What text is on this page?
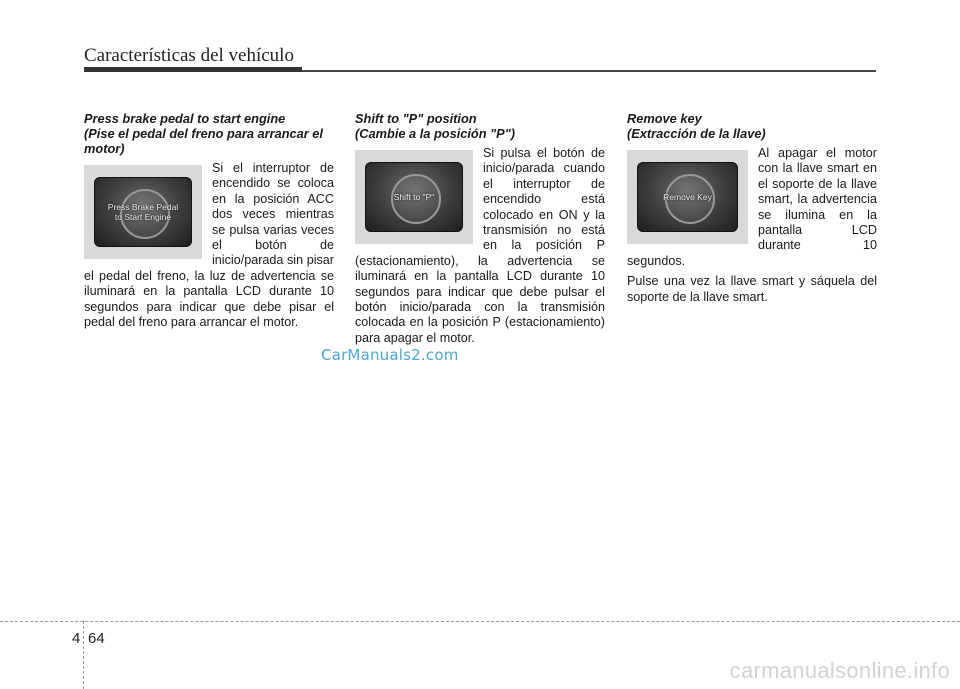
Características del vehículo
Press brake pedal to start engine
(Pise el pedal del freno para arrancar el motor)
Press Brake Pedal
to Start Engine

Si el interruptor de encendido se coloca en la posición ACC dos veces mientras se pulsa varias veces el botón de inicio/parada sin pisar el pedal del freno, la luz de advertencia se iluminará en la pantalla LCD durante 10 segundos para indicar que debe pisar el pedal del freno para arrancar el motor.

Shift to "P" position
(Cambie a la posición "P")
Shift to "P"

Si pulsa el botón de inicio/parada cuando el interruptor de encendido está colocado en ON y la transmisión no está en la posición P (estacionamiento), la advertencia se iluminará en la pantalla LCD durante 10 segundos para indicar que debe pulsar el botón inicio/parada con la transmisión colocada en la posición P (estacionamiento) para apagar el motor.

Remove key
(Extracción de la llave)
Remove Key

Al apagar el motor con la llave smart en el soporte de la llave smart, la advertencia se ilumina en la pantalla LCD durante 10 segundos.

Pulse una vez la llave smart y sáquela del soporte de la llave smart.

CarManuals2.com
4 64
carmanualsonline.info
